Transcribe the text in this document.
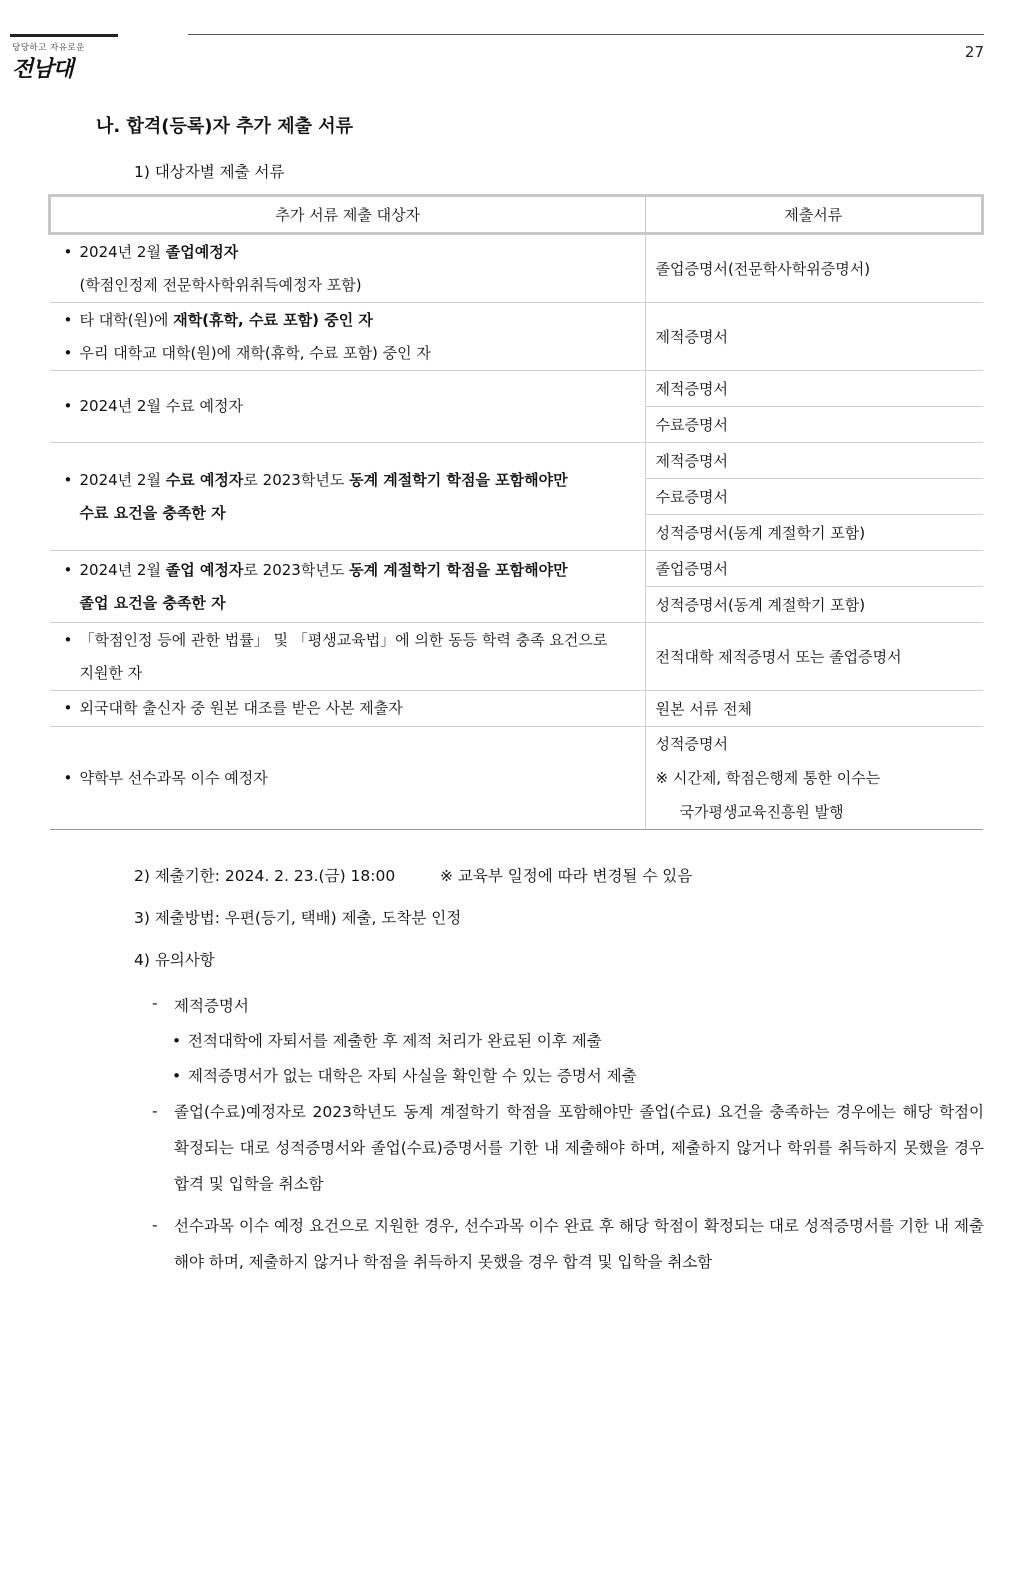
당당하고 자유로운
전남대
27
나. 합격(등록)자 추가 제출 서류
1) 대상자별 제출 서류
추가 서류 제출 대상자	제출서류

• 2024년 2월 졸업예정자
(학점인정제 전문학사학위취득예정자 포함)	졸업증명서(전문학사학위증명서)

• 타 대학(원)에 재학(휴학, 수료 포함) 중인 자
• 우리 대학교 대학(원)에 재학(휴학, 수료 포함) 중인 자	제적증명서

• 2024년 2월 수료 예정자	제적증명서

	수료증명서

• 2024년 2월 수료 예정자로 2023학년도 동계 계절학기 학점을 포함해야만
수료 요건을 충족한 자	제적증명서

	수료증명서

	성적증명서(동계 계절학기 포함)

• 2024년 2월 졸업 예정자로 2023학년도 동계 계절학기 학점을 포함해야만
졸업 요건을 충족한 자	졸업증명서

	성적증명서(동계 계절학기 포함)

• 「학점인정 등에 관한 법률」 및 「평생교육법」에 의한 동등 학력 충족 요건으로
지원한 자	전적대학 제적증명서 또는 졸업증명서

• 외국대학 출신자 중 원본 대조를 받은 사본 제출자	원본 서류 전체

• 약학부 선수과목 이수 예정자	성적증명서
※ 시간제, 학점은행제 통한 이수는
국가평생교육진흥원 발행
2) 제출기한: 2024. 2. 23.(금) 18:00	※ 교육부 일정에 따라 변경될 수 있음
3) 제출방법: 우편(등기, 택배) 제출, 도착분 인정
4) 유의사항
- 제적증명서
• 전적대학에 자퇴서를 제출한 후 제적 처리가 완료된 이후 제출
• 제적증명서가 없는 대학은 자퇴 사실을 확인할 수 있는 증명서 제출
- 졸업(수료)예정자로 2023학년도 동계 계절학기 학점을 포함해야만 졸업(수료) 요건을 충족하는 경우에는 해당 학점이 확정되는 대로 성적증명서와 졸업(수료)증명서를 기한 내 제출해야 하며, 제출하지 않거나 학위를 취득하지 못했을 경우 합격 및 입학을 취소함
- 선수과목 이수 예정 요건으로 지원한 경우, 선수과목 이수 완료 후 해당 학점이 확정되는 대로 성적증명서를 기한 내 제출해야 하며, 제출하지 않거나 학점을 취득하지 못했을 경우 합격 및 입학을 취소함
